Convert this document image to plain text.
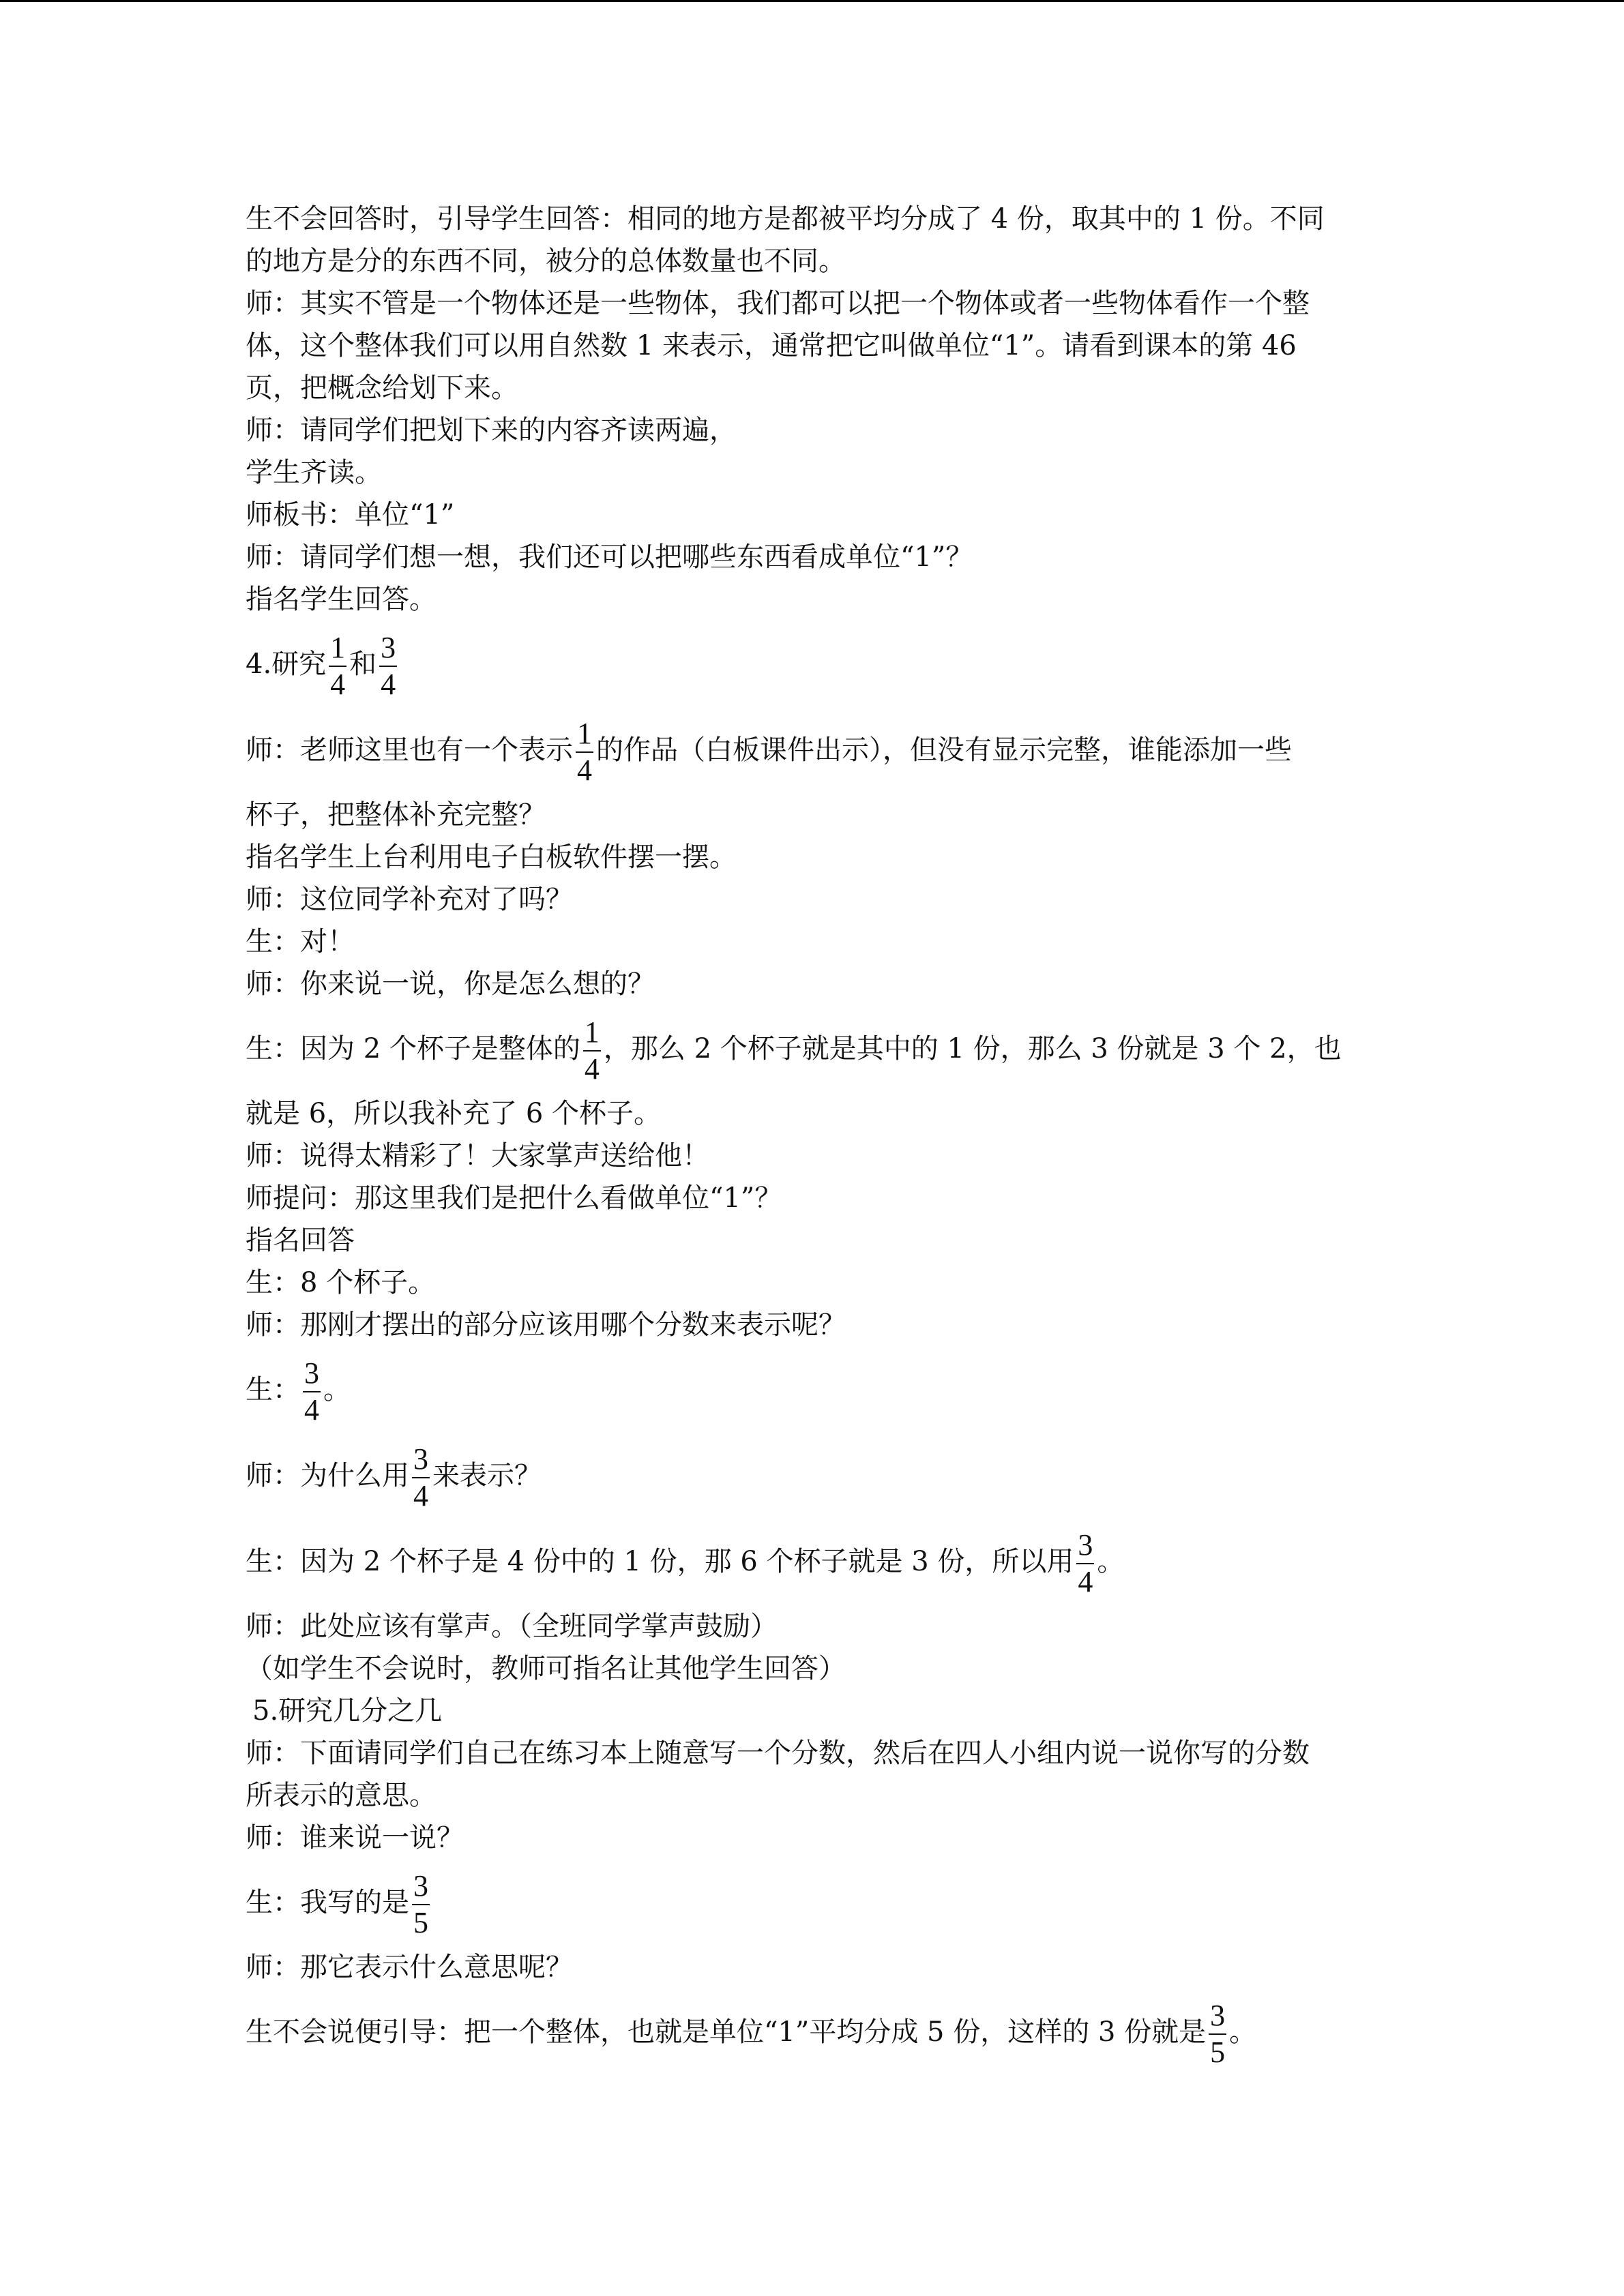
生不会回答时，引导学生回答：相同的地方是都被平均分成了 4 份，取其中的 1 份。不同
的地方是分的东西不同，被分的总体数量也不同。
师：其实不管是一个物体还是一些物体，我们都可以把一个物体或者一些物体看作一个整
体，这个整体我们可以用自然数 1 来表示，通常把它叫做单位“1”。请看到课本的第 46
页，把概念给划下来。
师：请同学们把划下来的内容齐读两遍，
学生齐读。
师板书：单位“1”
师：请同学们想一想，我们还可以把哪些东西看成单位“1”？
指名学生回答。
4.研究 $\frac{1}{4}$ 和 $\frac{3}{4}$
师：老师这里也有一个表示 $\frac{1}{4}$ 的作品（白板课件出示），但没有显示完整，谁能添加一些
杯子，把整体补充完整？
指名学生上台利用电子白板软件摆一摆。
师：这位同学补充对了吗？
生：对！
师：你来说一说，你是怎么想的？
生：因为 2 个杯子是整体的 $\frac{1}{4}$ ，那么 2 个杯子就是其中的 1 份，那么 3 份就是 3 个 2，也
就是 6，所以我补充了 6 个杯子。
师：说得太精彩了！大家掌声送给他！
师提问：那这里我们是把什么看做单位“1”？
指名回答
生：8 个杯子。
师：那刚才摆出的部分应该用哪个分数来表示呢？
生： $\frac{3}{4}$ 。
师：为什么用 $\frac{3}{4}$ 来表示？
生：因为 2 个杯子是 4 份中的 1 份，那 6 个杯子就是 3 份，所以用 $\frac{3}{4}$ 。
师：此处应该有掌声。（全班同学掌声鼓励）
（如学生不会说时，教师可指名让其他学生回答）
5.研究几分之几
师：下面请同学们自己在练习本上随意写一个分数，然后在四人小组内说一说你写的分数
所表示的意思。
师：谁来说一说？
生：我写的是 $\frac{3}{5}$
师：那它表示什么意思呢？
生不会说便引导：把一个整体，也就是单位“1”平均分成 5 份，这样的 3 份就是 $\frac{3}{5}$ 。
